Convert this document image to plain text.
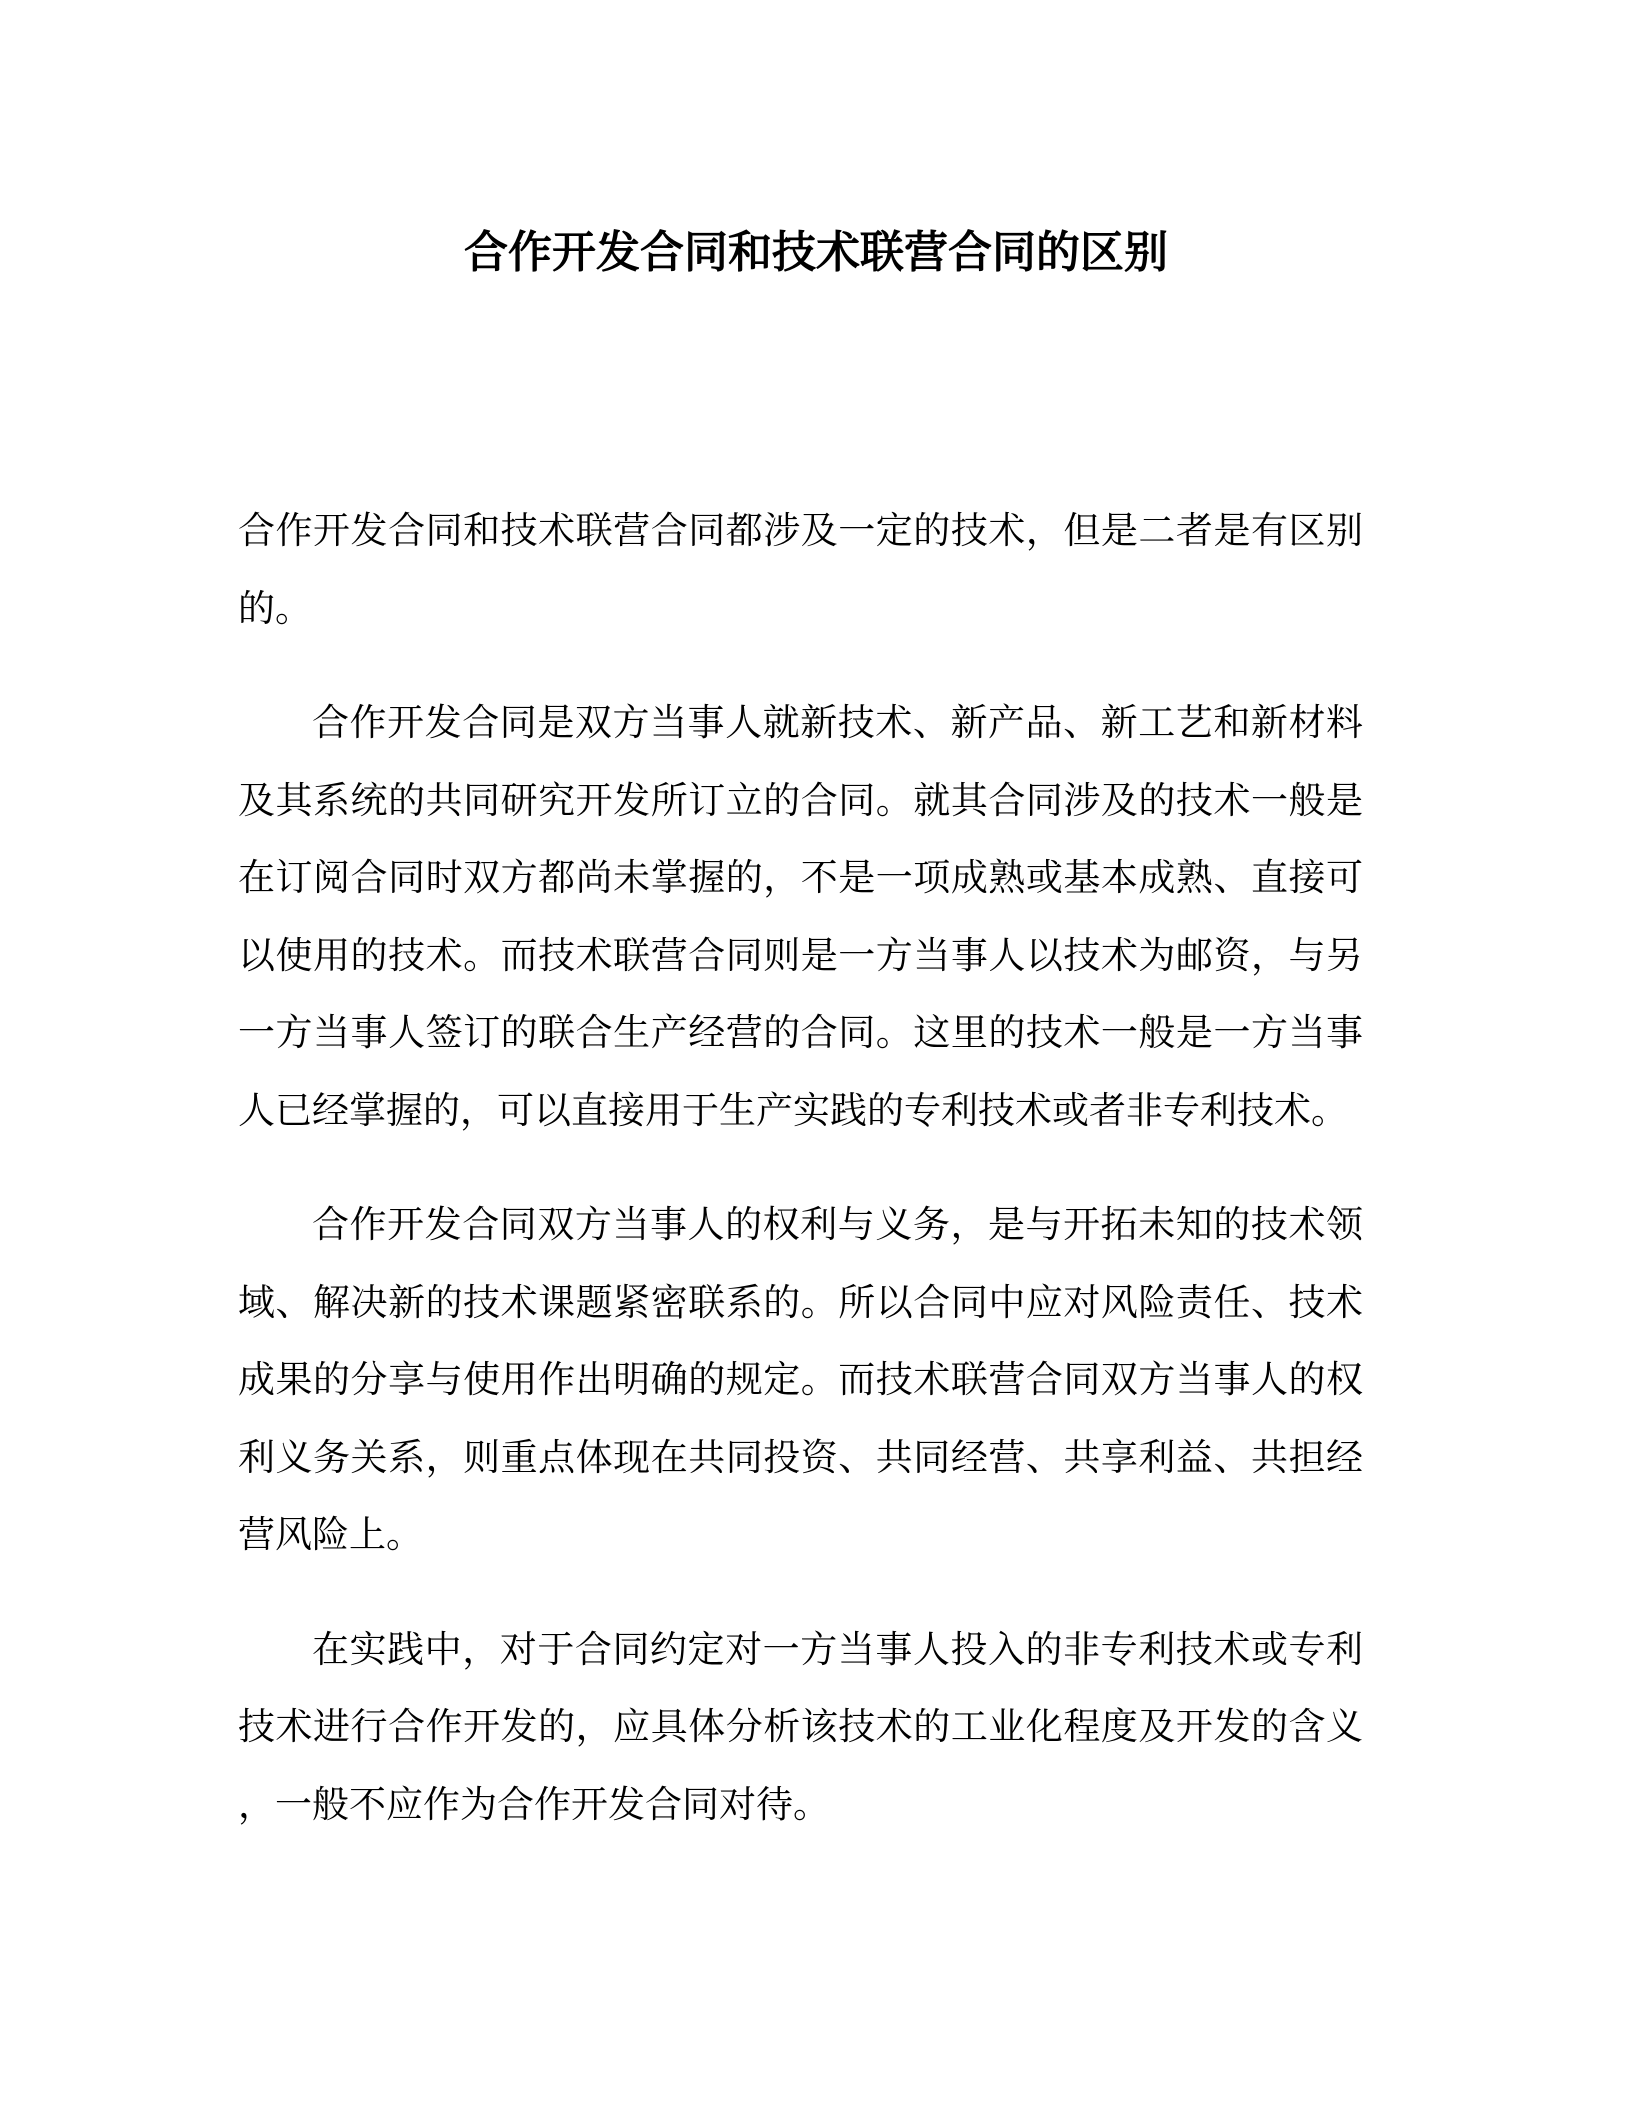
合作开发合同和技术联营合同的区别

合作开发合同和技术联营合同都涉及一定的技术，但是二者是有区别的。

合作开发合同是双方当事人就新技术、新产品、新工艺和新材料及其系统的共同研究开发所订立的合同。就其合同涉及的技术一般是在订阅合同时双方都尚未掌握的，不是一项成熟或基本成熟、直接可以使用的技术。而技术联营合同则是一方当事人以技术为邮资，与另一方当事人签订的联合生产经营的合同。这里的技术一般是一方当事人已经掌握的，可以直接用于生产实践的专利技术或者非专利技术。

合作开发合同双方当事人的权利与义务，是与开拓未知的技术领域、解决新的技术课题紧密联系的。所以合同中应对风险责任、技术成果的分享与使用作出明确的规定。而技术联营合同双方当事人的权利义务关系，则重点体现在共同投资、共同经营、共享利益、共担经营风险上。

在实践中，对于合同约定对一方当事人投入的非专利技术或专利技术进行合作开发的，应具体分析该技术的工业化程度及开发的含义，一般不应作为合作开发合同对待。
